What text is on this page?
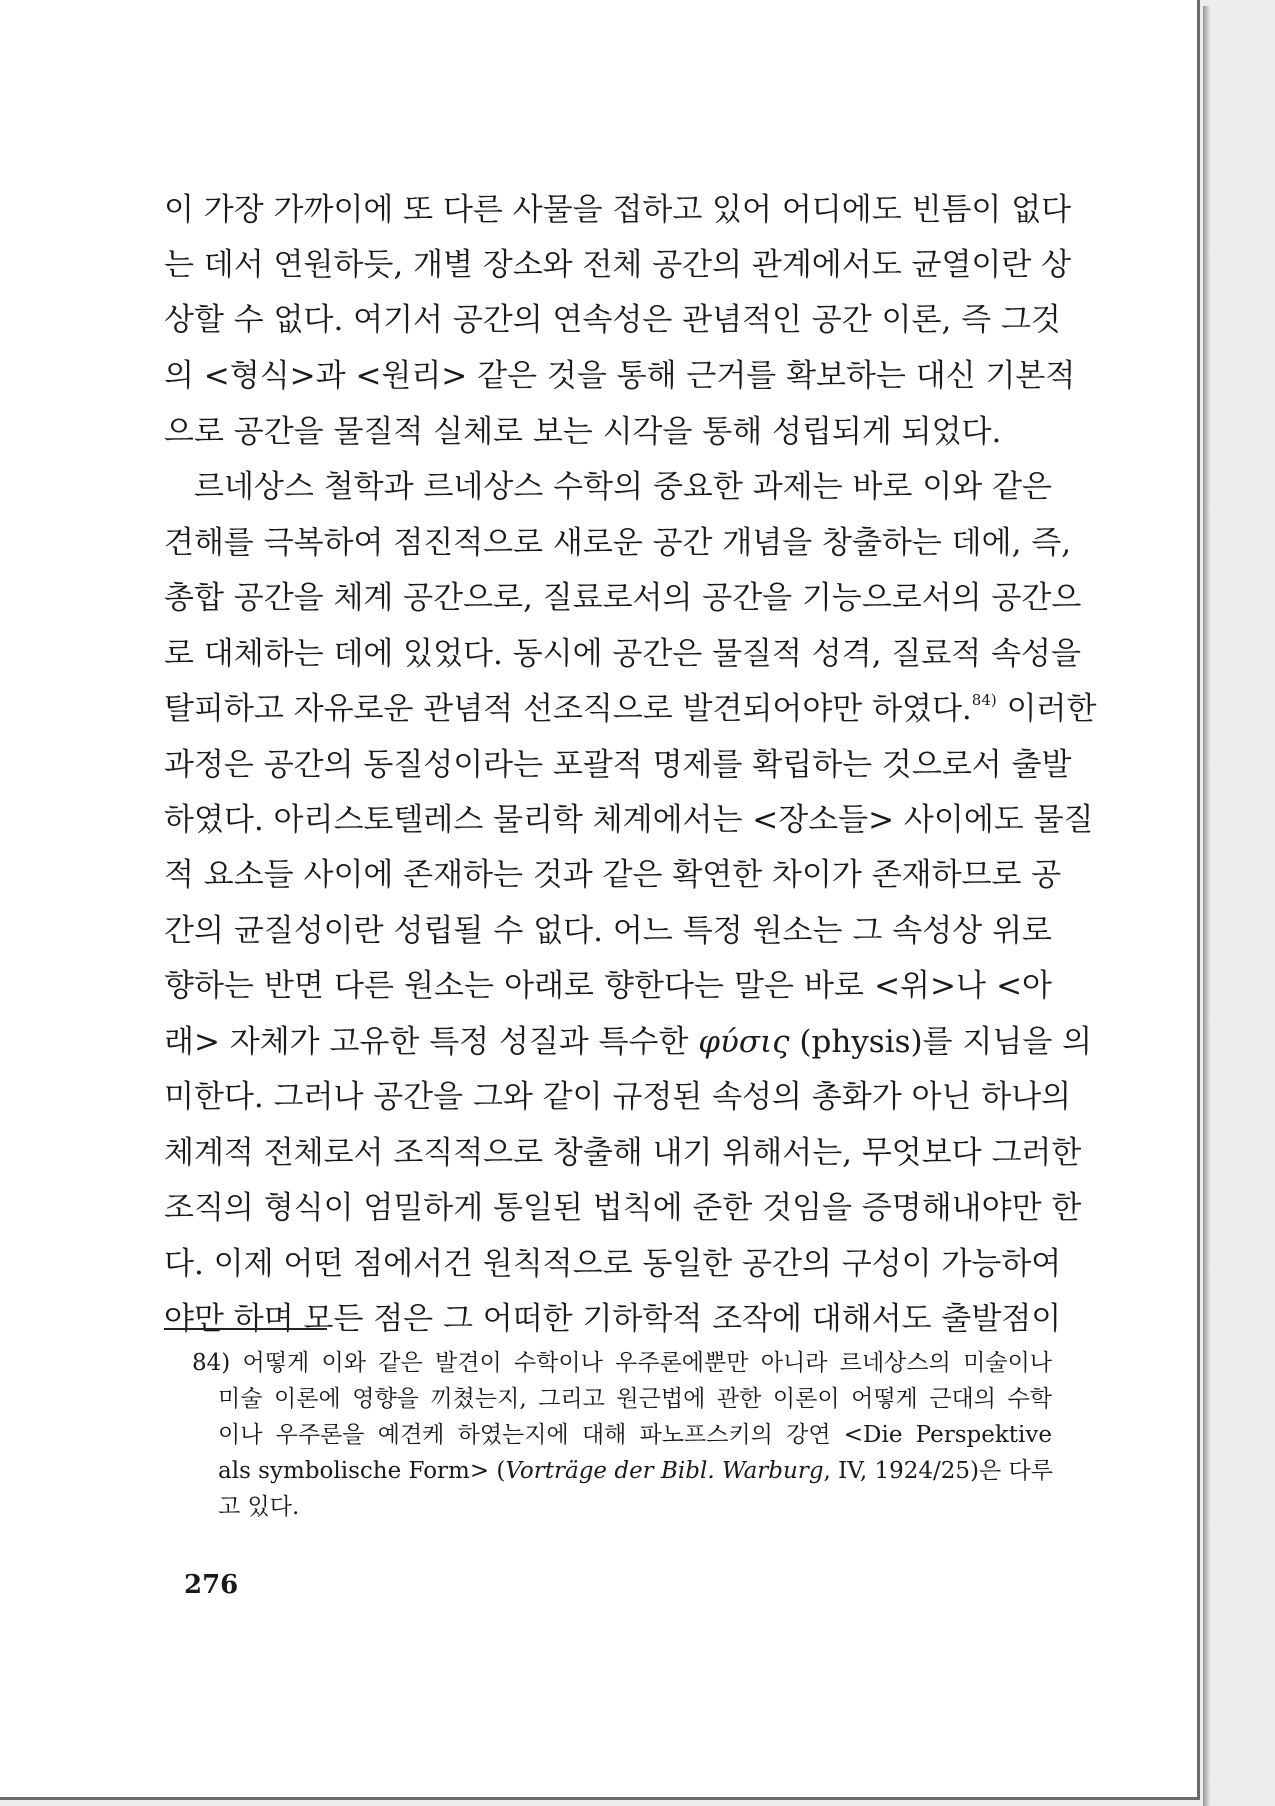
이 가장 가까이에 또 다른 사물을 접하고 있어 어디에도 빈틈이 없다
는 데서 연원하듯, 개별 장소와 전체 공간의 관계에서도 균열이란 상
상할 수 없다. 여기서 공간의 연속성은 관념적인 공간 이론, 즉 그것
의 <형식>과 <원리> 같은 것을 통해 근거를 확보하는 대신 기본적
으로 공간을 물질적 실체로 보는 시각을 통해 성립되게 되었다.
르네상스 철학과 르네상스 수학의 중요한 과제는 바로 이와 같은
견해를 극복하여 점진적으로 새로운 공간 개념을 창출하는 데에, 즉,
총합 공간을 체계 공간으로, 질료로서의 공간을 기능으로서의 공간으
로 대체하는 데에 있었다. 동시에 공간은 물질적 성격, 질료적 속성을
탈피하고 자유로운 관념적 선조직으로 발견되어야만 하였다.$^{84)}$ 이러한
과정은 공간의 동질성이라는 포괄적 명제를 확립하는 것으로서 출발
하였다. 아리스토텔레스 물리학 체계에서는 <장소들> 사이에도 물질
적 요소들 사이에 존재하는 것과 같은 확연한 차이가 존재하므로 공
간의 균질성이란 성립될 수 없다. 어느 특정 원소는 그 속성상 위로
향하는 반면 다른 원소는 아래로 향한다는 말은 바로 <위>나 <아
래> 자체가 고유한 특정 성질과 특수한 φύσις (physis)를 지님을 의
미한다. 그러나 공간을 그와 같이 규정된 속성의 총화가 아닌 하나의
체계적 전체로서 조직적으로 창출해 내기 위해서는, 무엇보다 그러한
조직의 형식이 엄밀하게 통일된 법칙에 준한 것임을 증명해내야만 한
다. 이제 어떤 점에서건 원칙적으로 동일한 공간의 구성이 가능하여
야만 하며 모든 점은 그 어떠한 기하학적 조작에 대해서도 출발점이
84) 어떻게 이와 같은 발견이 수학이나 우주론에뿐만 아니라 르네상스의 미술이나
미술 이론에 영향을 끼쳤는지, 그리고 원근법에 관한 이론이 어떻게 근대의 수학
이나 우주론을 예견케 하였는지에 대해 파노프스키의 강연 <Die Perspektive
als symbolische Form> (Vorträge der Bibl. Warburg, IV, 1924/25)은 다루
고 있다.
276
